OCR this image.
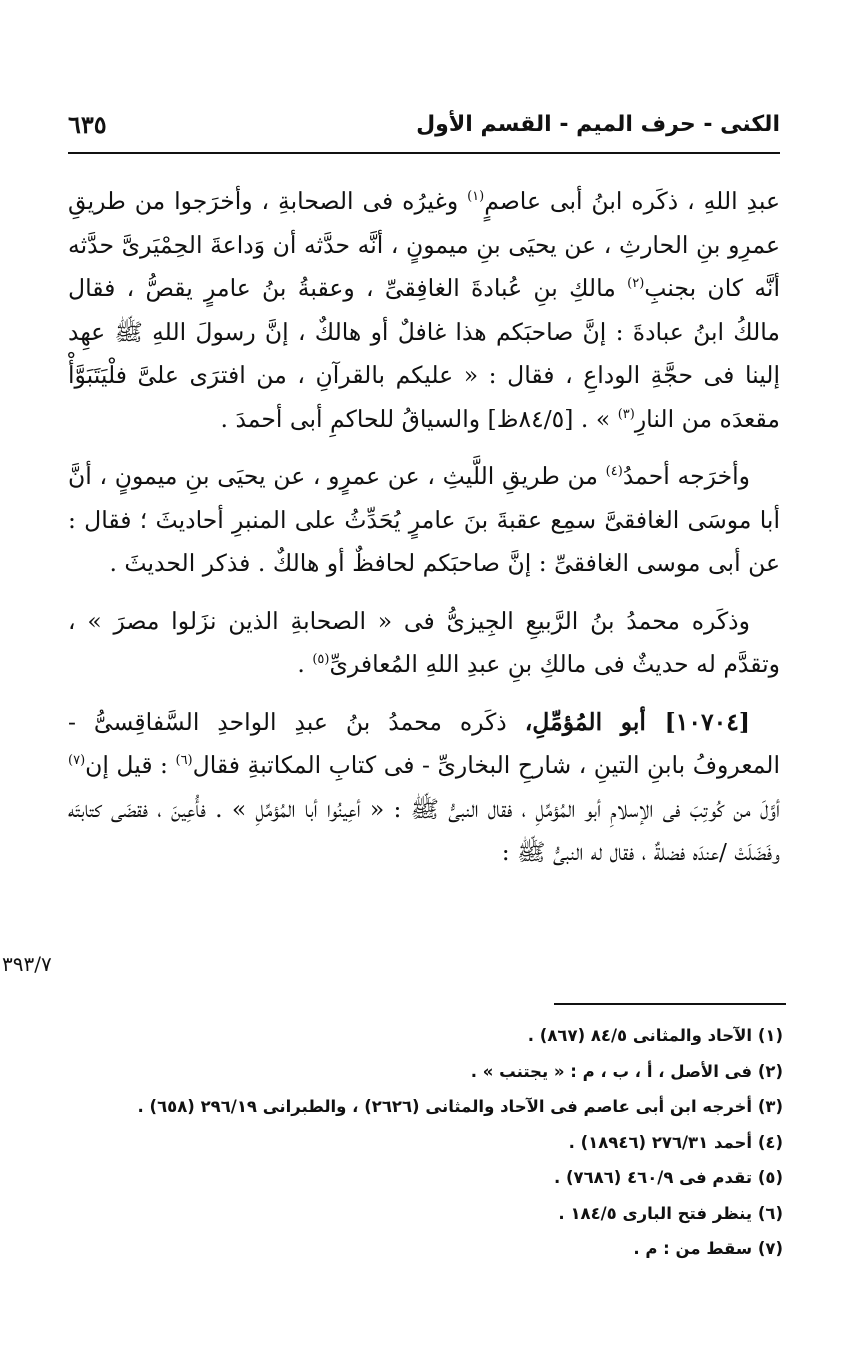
الكنى - حرف الميم - القسم الأول
٦٣٥

عبدِ اللهِ ، ذكَره ابنُ أبى عاصمٍ$^{(١)}$ وغيرُه فى الصحابةِ ، وأخرَجوا من طريقِ عمرِو بنِ الحارثِ ، عن يحيَى بنِ ميمونٍ ، أنَّه حدَّثه أن وَداعةَ الحِمْيَرىَّ حدَّثه أنَّه كان بجنبِ$^{(٢)}$ مالكِ بنِ عُبادةَ الغافِقىِّ ، وعقبةُ بنُ عامرٍ يقصُّ ، فقال مالكُ ابنُ عبادةَ : إنَّ صاحبَكم هذا غافلٌ أو هالكٌ ، إنَّ رسولَ اللهِ ﷺ عهِد إلينا فى حجَّةِ الوداعِ ، فقال : « عليكم بالقرآنِ ، من افترَى علىَّ فلْيَتَبَوَّأْ مقعدَه من النارِ$^{(٣)}$ » . [٨٤/٥ظ] والسياقُ للحاكمِ أبى أحمدَ .

وأخرَجه أحمدُ$^{(٤)}$ من طريقِ اللَّيثِ ، عن عمرٍو ، عن يحيَى بنِ ميمونٍ ، أنَّ أبا موسَى الغافقىَّ سمِع عقبةَ بنَ عامرٍ يُحَدِّثُ على المنبرِ أحاديثَ ؛ فقال : عن أبى موسى الغافقىِّ : إنَّ صاحبَكم لحافظٌ أو هالكٌ . فذكر الحديثَ .

وذكَره محمدُ بنُ الرَّبيعِ الجِيزىُّ فى « الصحابةِ الذين نزَلوا مصرَ » ، وتقدَّم له حديثٌ فى مالكِ بنِ عبدِ اللهِ المُعافرىِّ$^{(٥)}$ .

[١٠٧٠٤] أبو المُؤمِّلِ، ذكَره محمدُ بنُ عبدِ الواحدِ السَّفاقِسىُّ - المعروفُ بابنِ التينِ ، شارحِ البخارىِّ - فى كتابِ المكاتبةِ فقال$^{(٦)}$ : قيل إن$^{(٧)}$ أوَّلَ من كُوتِبَ فى الإسلامِ أبو المُؤمِّلِ ، فقال النبىُّ ﷺ : « أعِينُوا أبا المُؤمِّلِ » . فأُعِينَ ، فقضَى كتابتَه وفَضَلَتْ /عندَه فضلةٌ ، فقال له النبىُّ ﷺ :

٣٩٣/٧
(١) الآحاد والمثانى ٨٤/٥ (٨٦٧) .
(٢) فى الأصل ، أ ، ب ، م : « يجتنب » .
(٣) أخرجه ابن أبى عاصم فى الآحاد والمثانى (٢٦٢٦) ، والطبرانى ٢٩٦/١٩ (٦٥٨) .
(٤) أحمد ٢٧٦/٣١ (١٨٩٤٦) .
(٥) تقدم فى ٤٦٠/٩ (٧٦٨٦) .
(٦) ينظر فتح البارى ١٨٤/٥ .
(٧) سقط من : م .
